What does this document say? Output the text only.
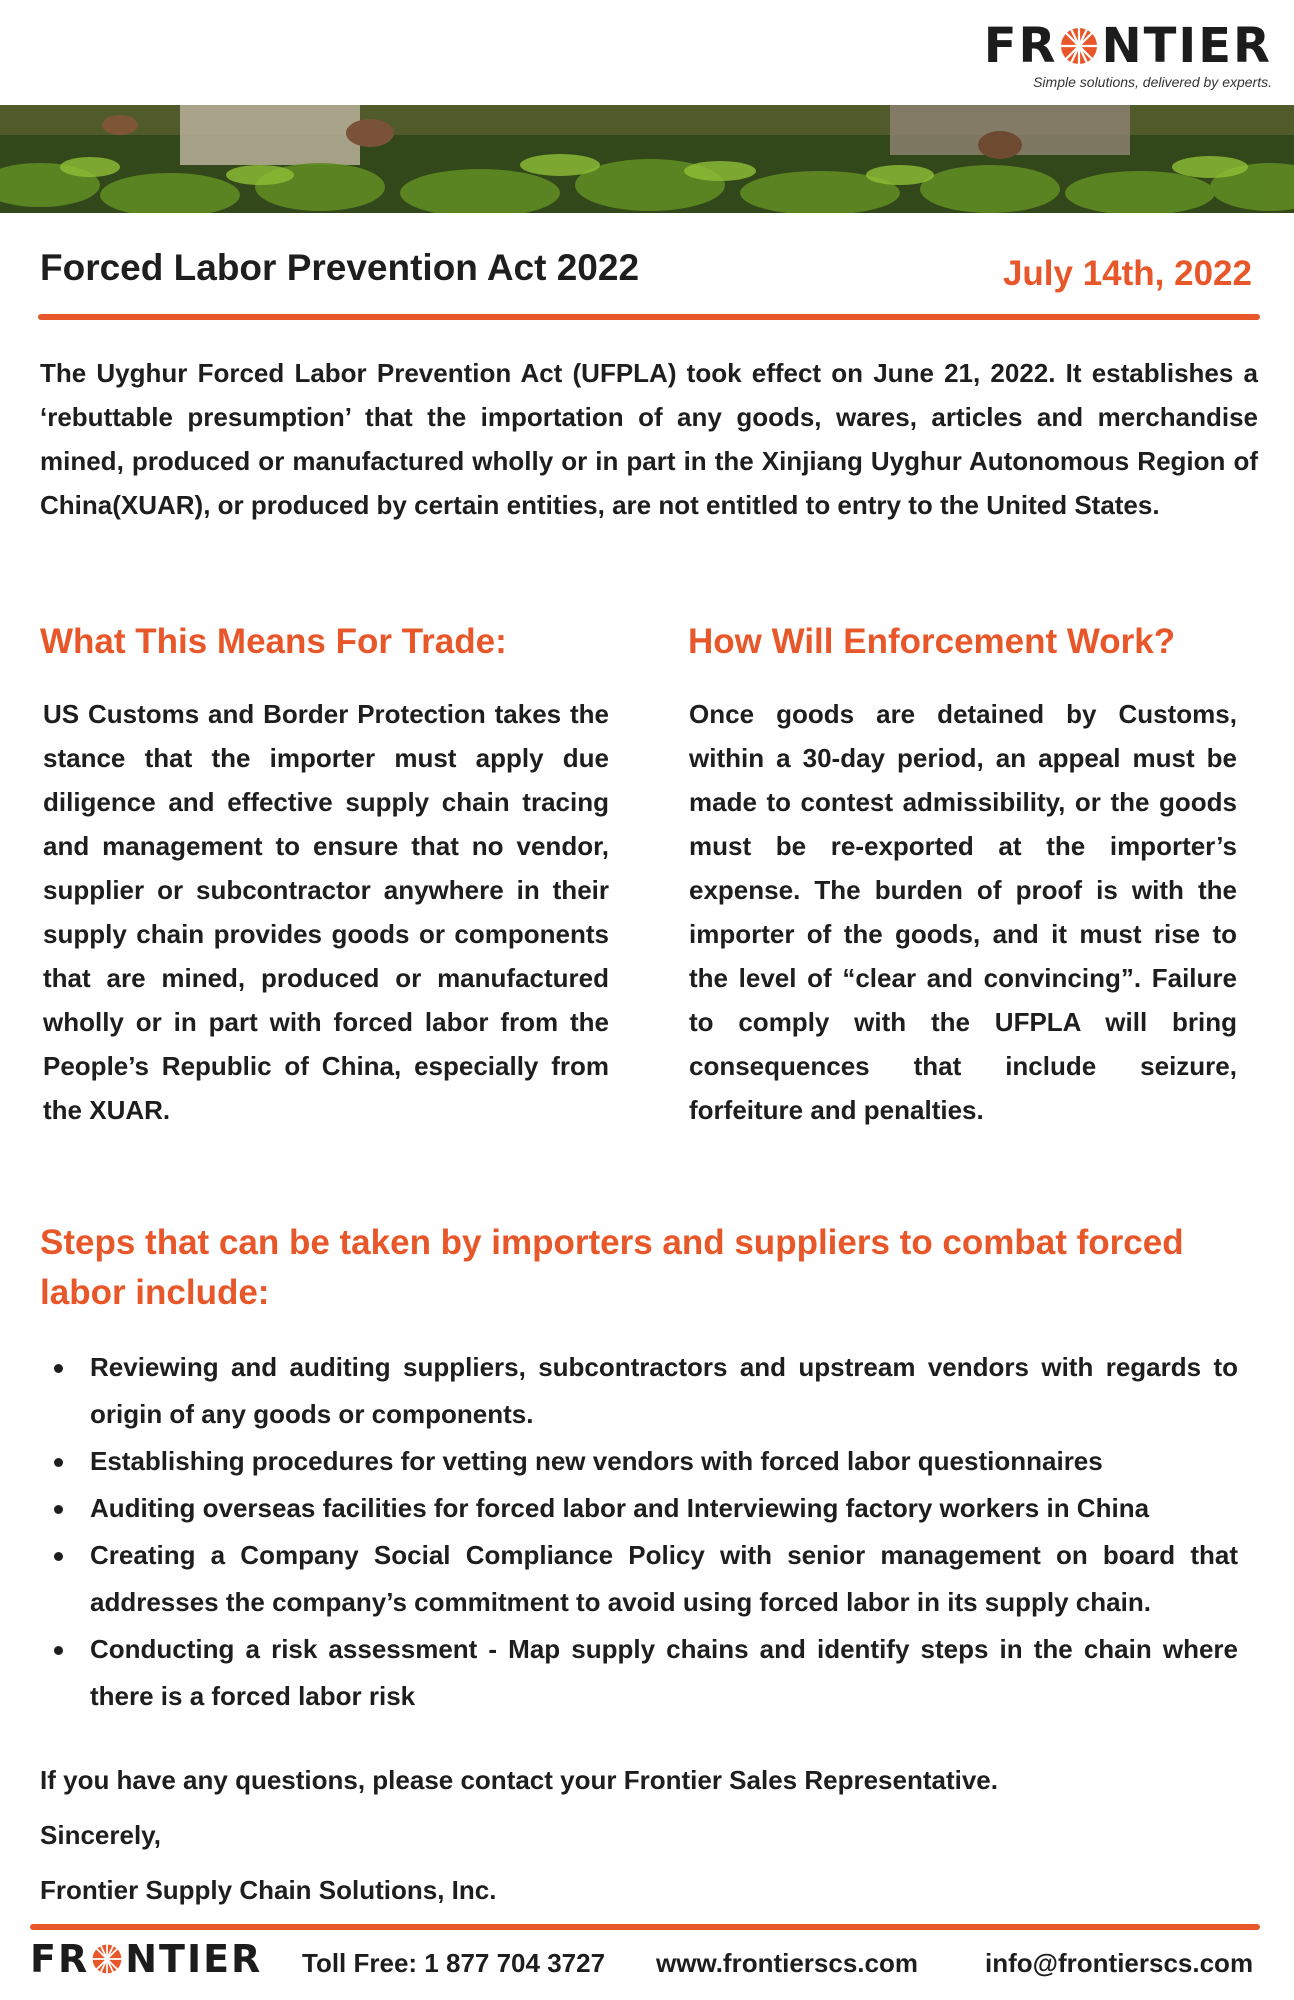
FR NTIER
Simple solutions, delivered by experts.
Forced Labor Prevention Act 2022	July 14th, 2022

The Uyghur Forced Labor Prevention Act (UFPLA) took effect on June 21, 2022. It establishes a ‘rebuttable presumption’ that the importation of any goods, wares, articles and merchandise mined, produced or manufactured wholly or in part in the Xinjiang Uyghur Autonomous Region of China(XUAR), or produced by certain entities, are not entitled to entry to the United States.

What This Means For Trade:	How Will Enforcement Work?

US Customs and Border Protection takes the stance that the importer must apply due diligence and effective supply chain tracing and management to ensure that no vendor, supplier or subcontractor anywhere in their supply chain provides goods or components that are mined, produced or manufactured wholly or in part with forced labor from the People’s Republic of China, especially from the XUAR.

Once goods are detained by Customs, within a 30-day period, an appeal must be made to contest admissibility, or the goods must be re-exported at the importer’s expense. The burden of proof is with the importer of the goods, and it must rise to the level of “clear and convincing”. Failure to comply with the UFPLA will bring consequences that include seizure, forfeiture and penalties.

Steps that can be taken by importers and suppliers to combat forced labor include:
Reviewing and auditing suppliers, subcontractors and upstream vendors with regards to origin of any goods or components.
Establishing procedures for vetting new vendors with forced labor questionnaires
Auditing overseas facilities for forced labor and Interviewing factory workers in China
Creating a Company Social Compliance Policy with senior management on board that addresses the company’s commitment to avoid using forced labor in its supply chain.
Conducting a risk assessment - Map supply chains and identify steps in the chain where there is a forced labor risk
If you have any questions, please contact your Frontier Sales Representative.
Sincerely,
Frontier Supply Chain Solutions, Inc.
FR NTIER Toll Free: 1 877 704 3727 www.frontierscs.com	info@frontierscs.com
